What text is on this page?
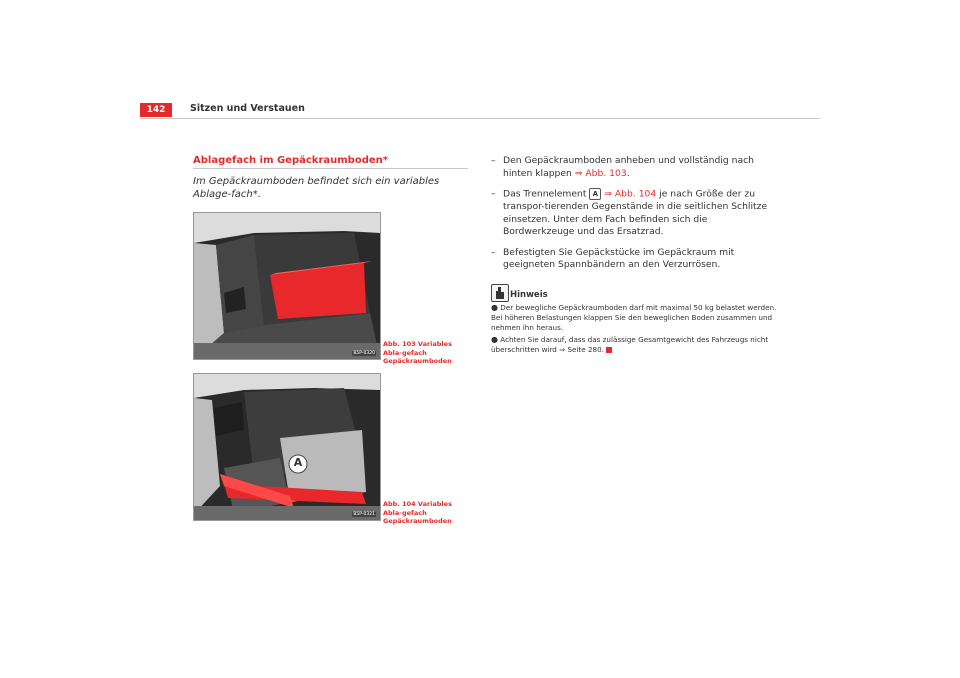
142	Sitzen und Verstauen
Ablagefach im Gepäckraumboden*
Im Gepäckraumboden befindet sich ein variables Ablage-fach*.
B5P-0320
Abb. 103 Variables Abla-gefach Gepäckraumboden
A
B5P-0321
Abb. 104 Variables Abla-gefach Gepäckraumboden
– Den Gepäckraumboden anheben und vollständig nach hinten klappen ⇒ Abb. 103.
– Das Trennelement A ⇒ Abb. 104 je nach Größe der zu transpor-tierenden Gegenstände in die seitlichen Schlitze einsetzen. Unter dem Fach befinden sich die Bordwerkzeuge und das Ersatzrad.
– Befestigten Sie Gepäckstücke im Gepäckraum mit geeigneten Spannbändern an den Verzurrösen.
Hinweis
● Der bewegliche Gepäckraumboden darf mit maximal 50 kg belastet werden. Bei höheren Belastungen klappen Sie den beweglichen Boden zusammen und nehmen ihn heraus.
● Achten Sie darauf, dass das zulässige Gesamtgewicht des Fahrzeugs nicht überschritten wird ⇒ Seite 280.
